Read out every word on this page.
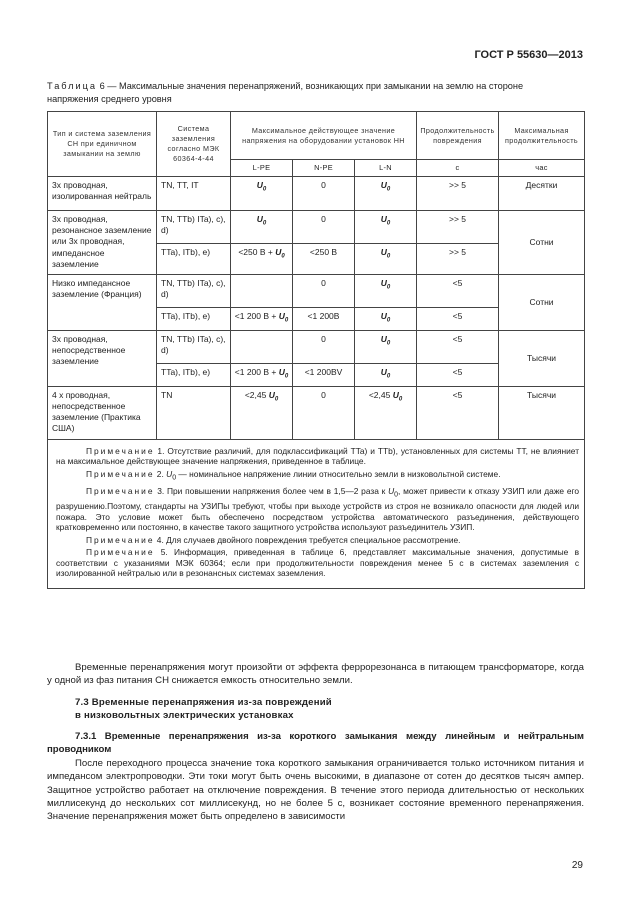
ГОСТ Р 55630—2013
Таблица 6 — Максимальные значения перенапряжений, возникающих при замыкании на землю на стороне
напряжения среднего уровня
Тип и система заземления СН при единичном замыкании на землю	Система заземления согласно МЭК 60364-4-44	Максимальное действующее значение напряжения на оборудовании установок НН			Продолжительность повреждения	Максимальная продолжительность
		L-PE	N-PE	L-N	с	час
3х проводная, изолированная нейтраль	TN, TT, IT	$U_0$	0	$U_0$	>> 5	Десятки
3х проводная, резонансное заземление или 3х проводная, импедансное заземление	TN, TTb) ITa), c), d)	$U_0$	0	$U_0$	>> 5	Сотни
	TTa), ITb), e)	<250 $В + U_0$	<250 В	$U_0$	>> 5	
Низко импедансное заземление (Франция)	TN, TTb) ITa), c), d)		0	$U_0$	<5	Сотни
	TTa), ITb), e)	<1 200 $В + U_0$	<1 200В	$U_0$	<5	
3х проводная, непосредственное заземление	TN, TTb) ITa), c), d)		0	$U_0$	<5	Тысячи
	TTa), ITb), e)	<1 200 $В + U_0$	<1 200ВV	$U_0$	<5	
4 х проводная, непосредственное заземление (Практика США)	TN	<2,45 $U_0$	0	<2,45 $U_0$	<5	Тысячи

Примечание 1. Отсутствие различий, для подклассификаций TTa) и TTb), установленных для системы TT, не влияниет на максимальное действующее значение напряжения, приведенное в таблице.

Примечание 2. $U_0$ — номинальное напряжение линии относительно земли в низковольтной системе.

Примечание 3. При повышении напряжения более чем в 1,5—2 раза к $U_0$, может привести к отказу УЗИП или даже его разрушению.Поэтому, стандарты на УЗИПы требуют, чтобы при выходе устройств из строя не возникало опасности для людей или пожара. Это условие может быть обеспечено посредством устройства автоматического разъединения, действующего кратковременно или постоянно, в качестве такого защитного устройства используют разъединитель УЗИП.

Примечание 4. Для случаев двойного повреждения требуется специальное рассмотрение.

Примечание 5. Информация, приведенная в таблице 6, представляет максимальные значения, допустимые в соответствии с указаниями МЭК 60364; если при продолжительности повреждения менее 5 с в системах заземления с изолированной нейтралью или в резонансных системах заземления.						

Временные перенапряжения могут произойти от эффекта феррорезонанса в питающем трансформаторе, когда у одной из фаз питания СН снижается емкость относительно земли.

7.3 Временные перенапряжения из-за повреждений

в низковольтных электрических установках

7.3.1 Временные перенапряжения из-за короткого замыкания между линейным и нейтральным проводником

После переходного процесса значение тока короткого замыкания ограничивается только источником питания и импедансом электропроводки. Эти токи могут быть очень высокими, в диапазоне от сотен до десятков тысяч ампер. Защитное устройство работает на отключение повреждения. В течение этого периода длительностью от нескольких миллисекунд до нескольких сот миллисекунд, но не более 5 с, возникает состояние временного перенапряжения. Значение перенапряжения может быть определено в зависимости

29
